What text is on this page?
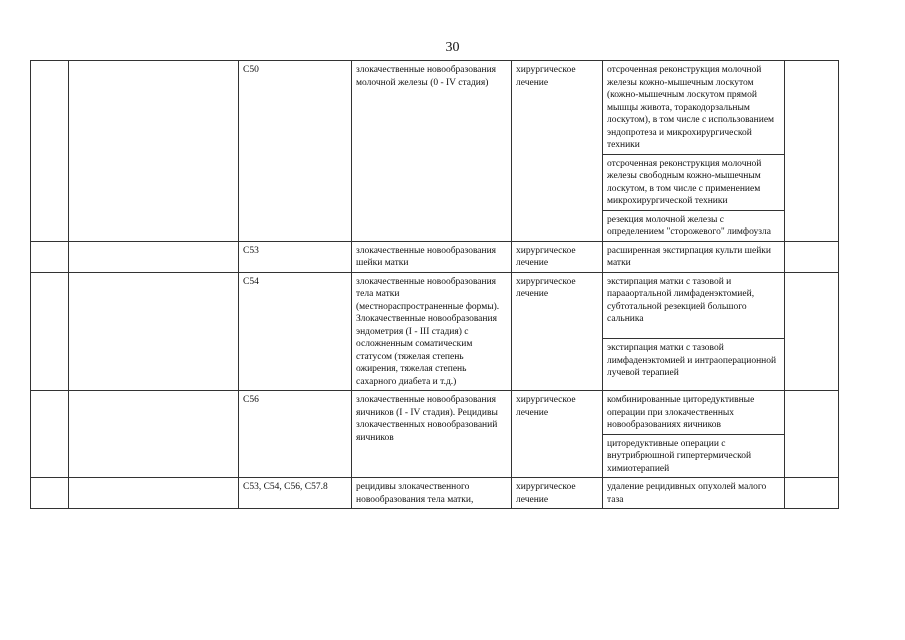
30
		C50	злокачественные новообразования молочной железы (0 - IV стадия)	хирургическое лечение	отсроченная реконструкция молочной железы кожно-мышечным лоскутом (кожно-мышечным лоскутом прямой мышцы живота, торакодорзальным лоскутом), в том числе с использованием эндопротеза и микрохирургической техники	
					отсроченная реконструкция молочной железы свободным кожно-мышечным лоскутом, в том числе с применением микрохирургической техники	
					резекция молочной железы с определением "сторожевого" лимфоузла	
		C53	злокачественные новообразования шейки матки	хирургическое лечение	расширенная экстирпация культи шейки матки	
		C54	злокачественные новообразования тела матки (местнораспространенные формы). Злокачественные новообразования эндометрия (I - III стадия) с осложненным соматическим статусом (тяжелая степень ожирения, тяжелая степень сахарного диабета и т.д.)	хирургическое лечение	экстирпация матки с тазовой и парааортальной лимфаденэктомией, субтотальной резекцией большого сальника	
					экстирпация матки с тазовой лимфаденэктомией и интраоперационной лучевой терапией	
		C56	злокачественные новообразования яичников (I - IV стадия). Рецидивы злокачественных новообразований яичников	хирургическое лечение	комбинированные циторедуктивные операции при злокачественных новообразованиях яичников	
					циторедуктивные операции с внутрибрюшной гипертермической химиотерапией	
		C53, C54, C56, C57.8	рецидивы злокачественного новообразования тела матки,	хирургическое лечение	удаление рецидивных опухолей малого таза	
